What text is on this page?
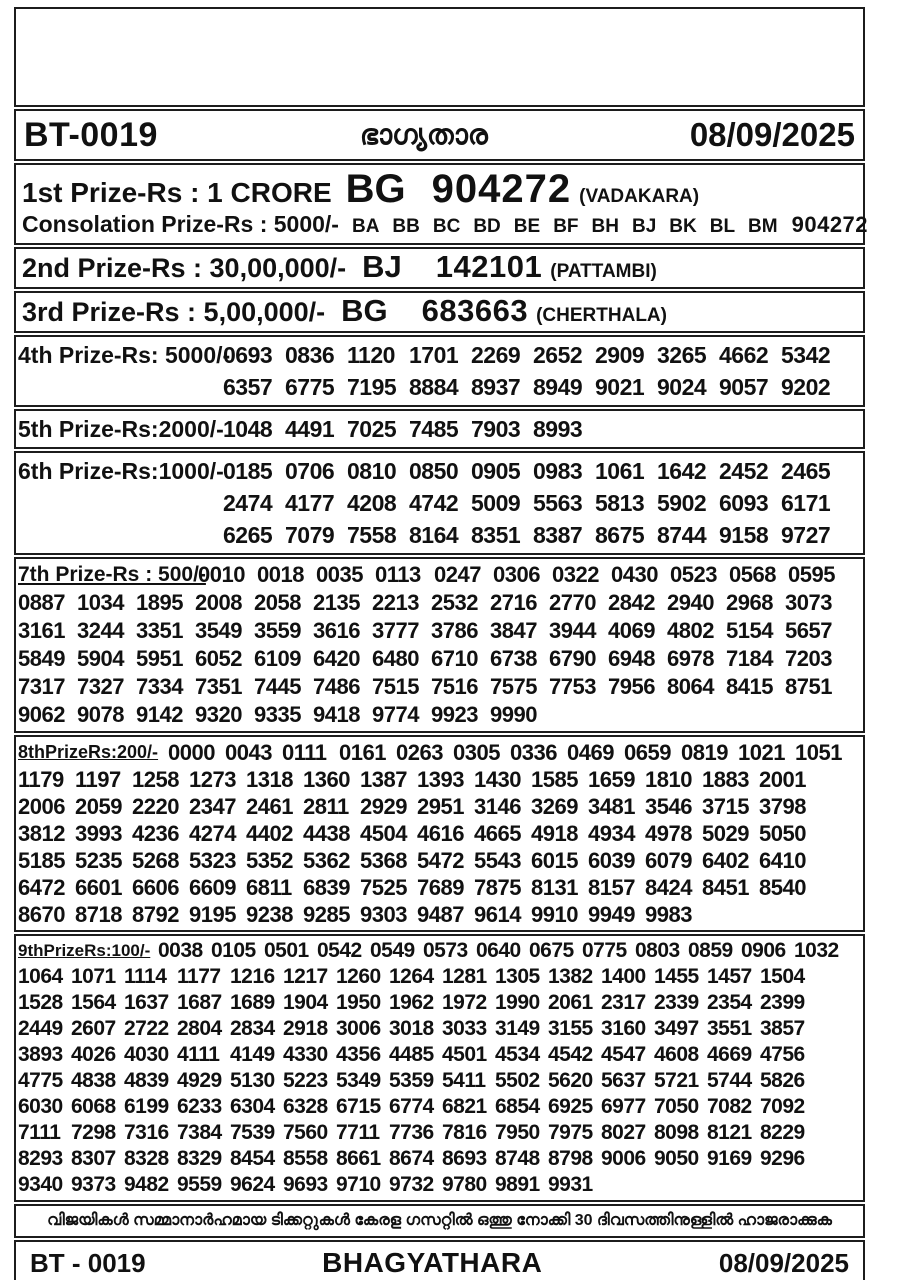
BT-0019	ഭാഗ്യതാര	08/09/2025
1st Prize-Rs : 1 CRORE BG 904272 (VADAKARA)
Consolation Prize-Rs : 5000/- BA BB BC BD BE BF BH BJ BK BL BM 904272
2nd Prize-Rs : 30,00,000/- BJ 142101 (PATTAMBI)
3rd Prize-Rs : 5,00,000/- BG 683663 (CHERTHALA)
4th Prize-Rs: 5000/-
0693 0836 1120 1701 2269 2652 2909 3265 4662 5342
6357 6775 7195 8884 8937 8949 9021 9024 9057 9202
5th Prize-Rs:2000/- 1048 4491 7025 7485 7903 8993
6th Prize-Rs:1000/- 0185 0706 0810 0850 0905 0983 1061 1642 2452 2465
2474 4177 4208 4742 5009 5563 5813 5902 6093 6171
6265 7079 7558 8164 8351 8387 8675 8744 9158 9727
7th Prize-Rs : 500/-
0010 0018 0035 0113 0247 0306 0322 0430 0523 0568 0595
0887 1034 1895 2008 2058 2135 2213 2532 2716 2770 2842 2940 2968 3073
3161 3244 3351 3549 3559 3616 3777 3786 3847 3944 4069 4802 5154 5657
5849 5904 5951 6052 6109 6420 6480 6710 6738 6790 6948 6978 7184 7203
7317 7327 7334 7351 7445 7486 7515 7516 7575 7753 7956 8064 8415 8751
9062 9078 9142 9320 9335 9418 9774 9923 9990
8thPrizeRs:200/- 0000 0043 0111 0161 0263 0305 0336 0469 0659 0819 1021 1051
1179 1197 1258 1273 1318 1360 1387 1393 1430 1585 1659 1810 1883 2001
2006 2059 2220 2347 2461 2811 2929 2951 3146 3269 3481 3546 3715 3798
3812 3993 4236 4274 4402 4438 4504 4616 4665 4918 4934 4978 5029 5050
5185 5235 5268 5323 5352 5362 5368 5472 5543 6015 6039 6079 6402 6410
6472 6601 6606 6609 6811 6839 7525 7689 7875 8131 8157 8424 8451 8540
8670 8718 8792 9195 9238 9285 9303 9487 9614 9910 9949 9983
9thPrizeRs:100/- 0038 0105 0501 0542 0549 0573 0640 0675 0775 0803 0859 0906 1032
1064 1071 1114 1177 1216 1217 1260 1264 1281 1305 1382 1400 1455 1457 1504
1528 1564 1637 1687 1689 1904 1950 1962 1972 1990 2061 2317 2339 2354 2399
2449 2607 2722 2804 2834 2918 3006 3018 3033 3149 3155 3160 3497 3551 3857
3893 4026 4030 4111 4149 4330 4356 4485 4501 4534 4542 4547 4608 4669 4756
4775 4838 4839 4929 5130 5223 5349 5359 5411 5502 5620 5637 5721 5744 5826
6030 6068 6199 6233 6304 6328 6715 6774 6821 6854 6925 6977 7050 7082 7092
7111 7298 7316 7384 7539 7560 7711 7736 7816 7950 7975 8027 8098 8121 8229
8293 8307 8328 8329 8454 8558 8661 8674 8693 8748 8798 9006 9050 9169 9296
9340 9373 9482 9559 9624 9693 9710 9732 9780 9891 9931
വിജയികൾ സമ്മാനാർഹമായ ടിക്കറ്റുകൾ കേരള ഗസറ്റിൽ ഒത്തു നോക്കി 30 ദിവസത്തിനുള്ളിൽ ഹാജരാക്കുക
BT - 0019	BHAGYATHARA	08/09/2025
